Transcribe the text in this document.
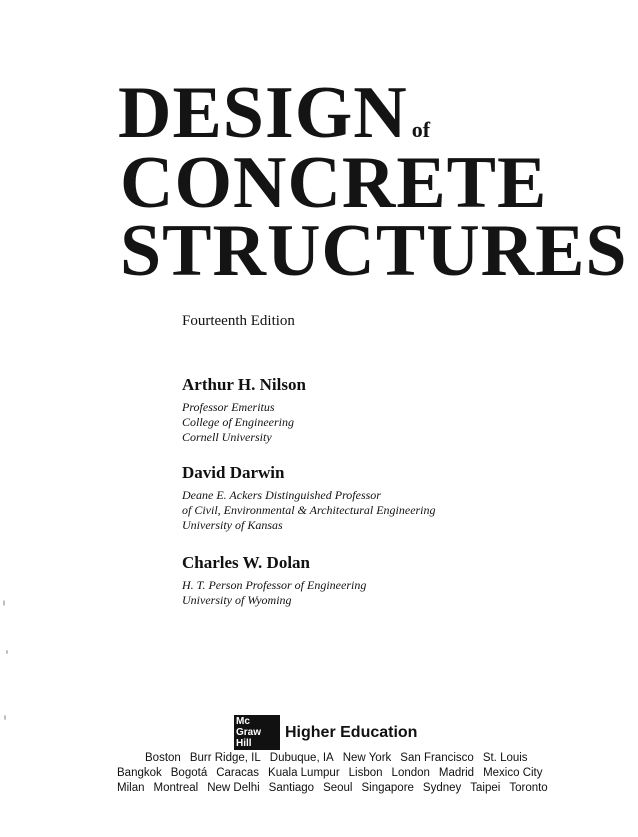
DESIGN of
CONCRETE
STRUCTURES
Fourteenth Edition
Arthur H. Nilson
Professor Emeritus
College of Engineering
Cornell University
David Darwin
Deane E. Ackers Distinguished Professor
of Civil, Environmental & Architectural Engineering
University of Kansas
Charles W. Dolan
H. T. Person Professor of Engineering
University of Wyoming
Mc
Graw
Hill
Higher Education
Boston Burr Ridge, IL Dubuque, IA New York San Francisco St. Louis
Bangkok Bogotá Caracas Kuala Lumpur Lisbon London Madrid Mexico City
Milan Montreal New Delhi Santiago Seoul Singapore Sydney Taipei Toronto
